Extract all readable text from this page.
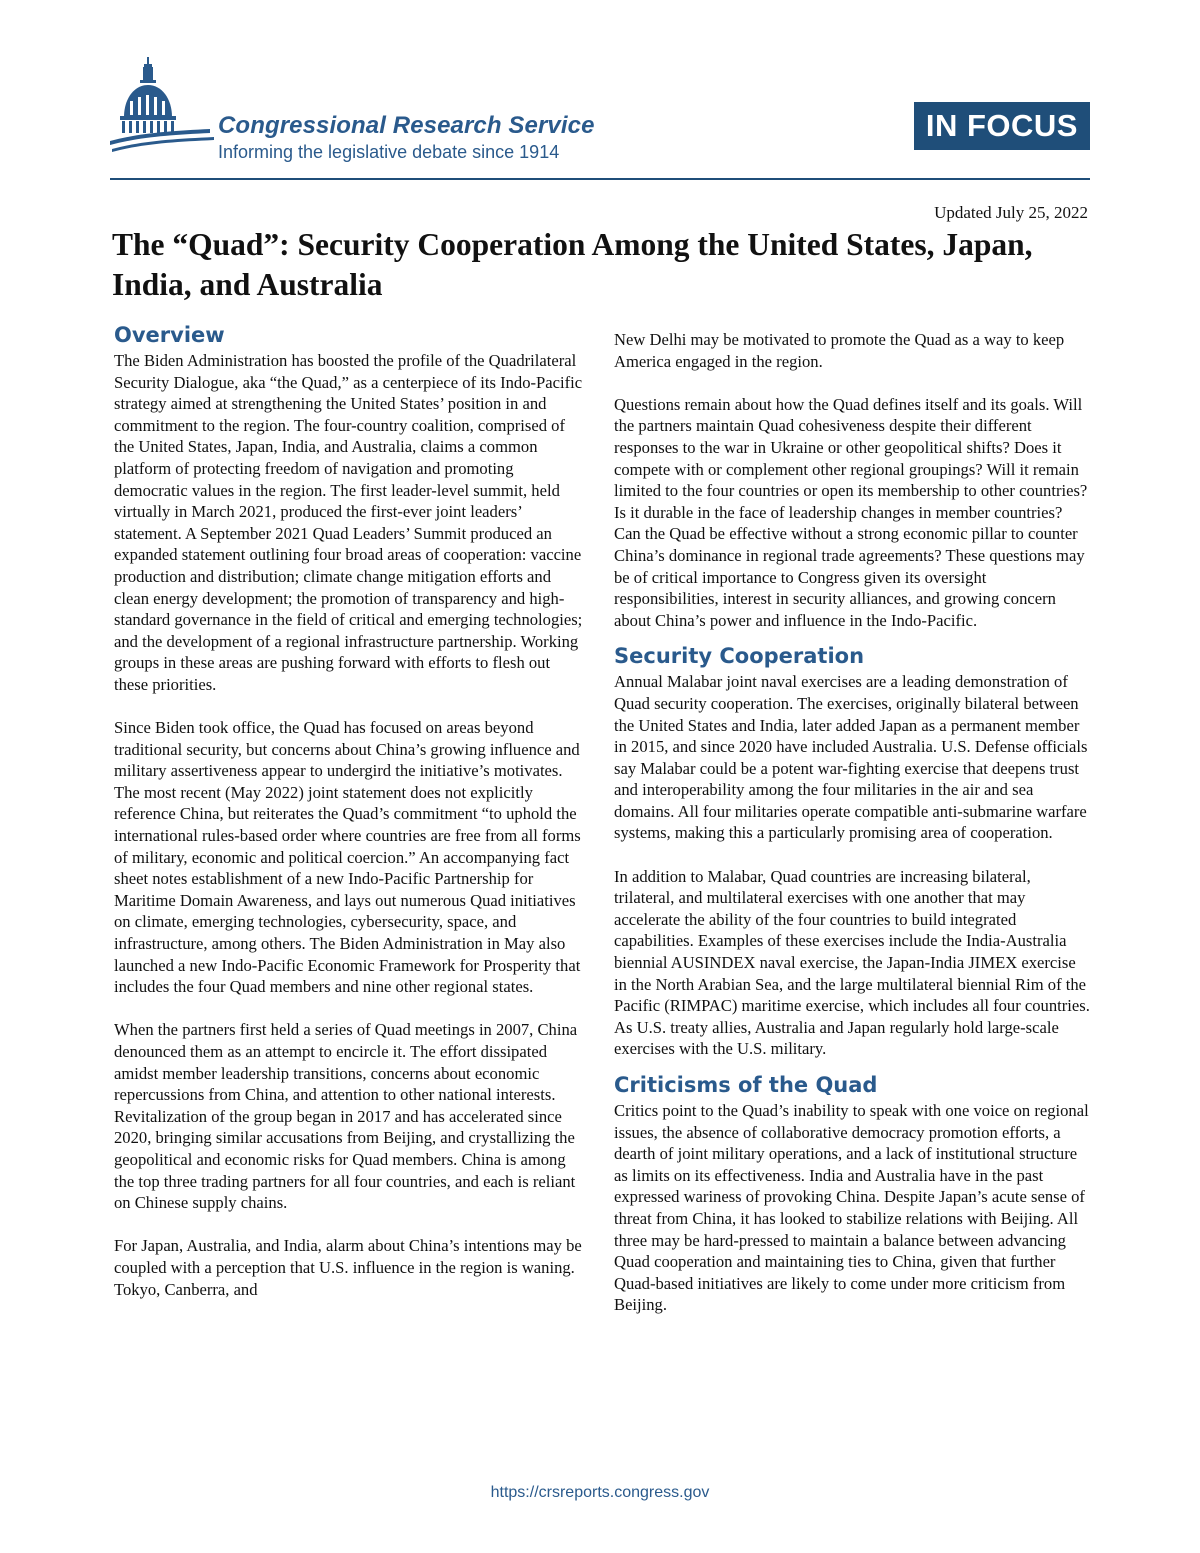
Congressional Research Service
Informing the legislative debate since 1914
IN FOCUS
Updated July 25, 2022
The “Quad”: Security Cooperation Among the United States, Japan, India, and Australia
Overview

The Biden Administration has boosted the profile of the Quadrilateral Security Dialogue, aka “the Quad,” as a centerpiece of its Indo-Pacific strategy aimed at strengthening the United States’ position in and commitment to the region. The four-country coalition, comprised of the United States, Japan, India, and Australia, claims a common platform of protecting freedom of navigation and promoting democratic values in the region. The first leader-level summit, held virtually in March 2021, produced the first-ever joint leaders’ statement. A September 2021 Quad Leaders’ Summit produced an expanded statement outlining four broad areas of cooperation: vaccine production and distribution; climate change mitigation efforts and clean energy development; the promotion of transparency and high-standard governance in the field of critical and emerging technologies; and the development of a regional infrastructure partnership. Working groups in these areas are pushing forward with efforts to flesh out these priorities.

Since Biden took office, the Quad has focused on areas beyond traditional security, but concerns about China’s growing influence and military assertiveness appear to undergird the initiative’s motivates. The most recent (May 2022) joint statement does not explicitly reference China, but reiterates the Quad’s commitment “to uphold the international rules-based order where countries are free from all forms of military, economic and political coercion.” An accompanying fact sheet notes establishment of a new Indo-Pacific Partnership for Maritime Domain Awareness, and lays out numerous Quad initiatives on climate, emerging technologies, cybersecurity, space, and infrastructure, among others. The Biden Administration in May also launched a new Indo-Pacific Economic Framework for Prosperity that includes the four Quad members and nine other regional states.

When the partners first held a series of Quad meetings in 2007, China denounced them as an attempt to encircle it. The effort dissipated amidst member leadership transitions, concerns about economic repercussions from China, and attention to other national interests. Revitalization of the group began in 2017 and has accelerated since 2020, bringing similar accusations from Beijing, and crystallizing the geopolitical and economic risks for Quad members. China is among the top three trading partners for all four countries, and each is reliant on Chinese supply chains.

For Japan, Australia, and India, alarm about China’s intentions may be coupled with a perception that U.S. influence in the region is waning. Tokyo, Canberra, and

New Delhi may be motivated to promote the Quad as a way to keep America engaged in the region.

Questions remain about how the Quad defines itself and its goals. Will the partners maintain Quad cohesiveness despite their different responses to the war in Ukraine or other geopolitical shifts? Does it compete with or complement other regional groupings? Will it remain limited to the four countries or open its membership to other countries? Is it durable in the face of leadership changes in member countries? Can the Quad be effective without a strong economic pillar to counter China’s dominance in regional trade agreements? These questions may be of critical importance to Congress given its oversight responsibilities, interest in security alliances, and growing concern about China’s power and influence in the Indo-Pacific.

Security Cooperation

Annual Malabar joint naval exercises are a leading demonstration of Quad security cooperation. The exercises, originally bilateral between the United States and India, later added Japan as a permanent member in 2015, and since 2020 have included Australia. U.S. Defense officials say Malabar could be a potent war-fighting exercise that deepens trust and interoperability among the four militaries in the air and sea domains. All four militaries operate compatible anti-submarine warfare systems, making this a particularly promising area of cooperation.

In addition to Malabar, Quad countries are increasing bilateral, trilateral, and multilateral exercises with one another that may accelerate the ability of the four countries to build integrated capabilities. Examples of these exercises include the India-Australia biennial AUSINDEX naval exercise, the Japan-India JIMEX exercise in the North Arabian Sea, and the large multilateral biennial Rim of the Pacific (RIMPAC) maritime exercise, which includes all four countries. As U.S. treaty allies, Australia and Japan regularly hold large-scale exercises with the U.S. military.

Criticisms of the Quad

Critics point to the Quad’s inability to speak with one voice on regional issues, the absence of collaborative democracy promotion efforts, a dearth of joint military operations, and a lack of institutional structure as limits on its effectiveness. India and Australia have in the past expressed wariness of provoking China. Despite Japan’s acute sense of threat from China, it has looked to stabilize relations with Beijing. All three may be hard-pressed to maintain a balance between advancing Quad cooperation and maintaining ties to China, given that further Quad-based initiatives are likely to come under more criticism from Beijing.

https://crsreports.congress.gov
